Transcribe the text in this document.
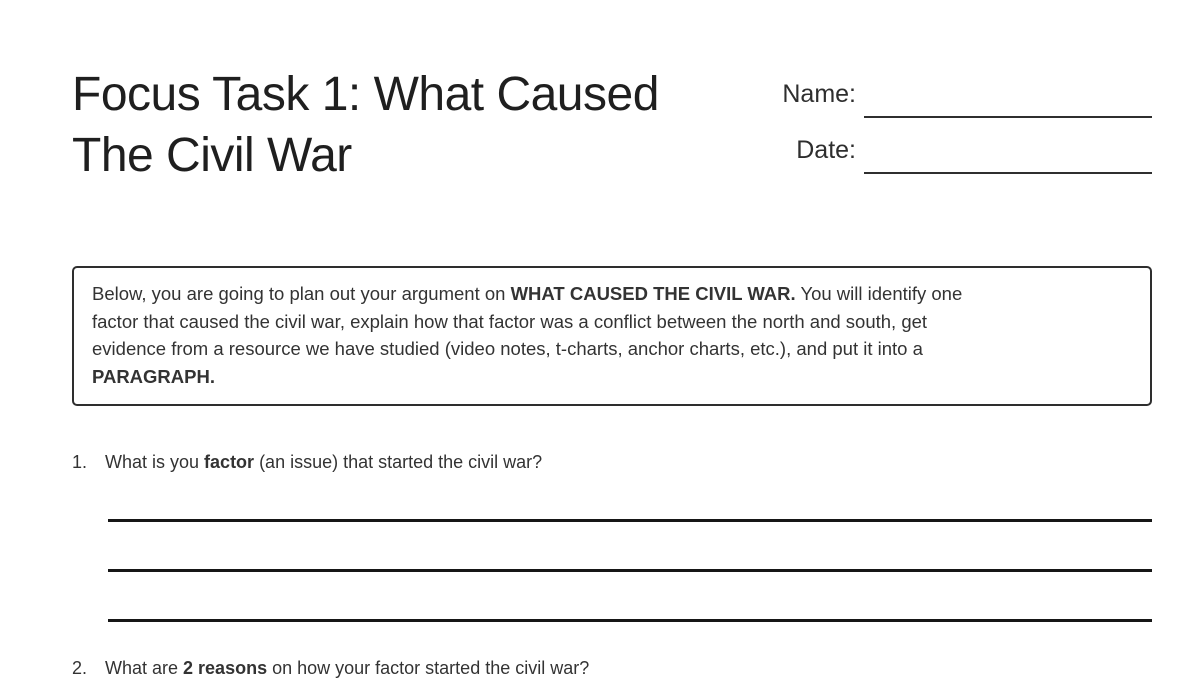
Focus Task 1: What Caused The Civil War
Name:
Date:
Below, you are going to plan out your argument on WHAT CAUSED THE CIVIL WAR. You will identify one
factor that caused the civil war, explain how that factor was a conflict between the north and south, get
evidence from a resource we have studied (video notes, t-charts, anchor charts, etc.), and put it into a
PARAGRAPH.
1. What is you factor (an issue) that started the civil war?
2. What are 2 reasons on how your factor started the civil war?
